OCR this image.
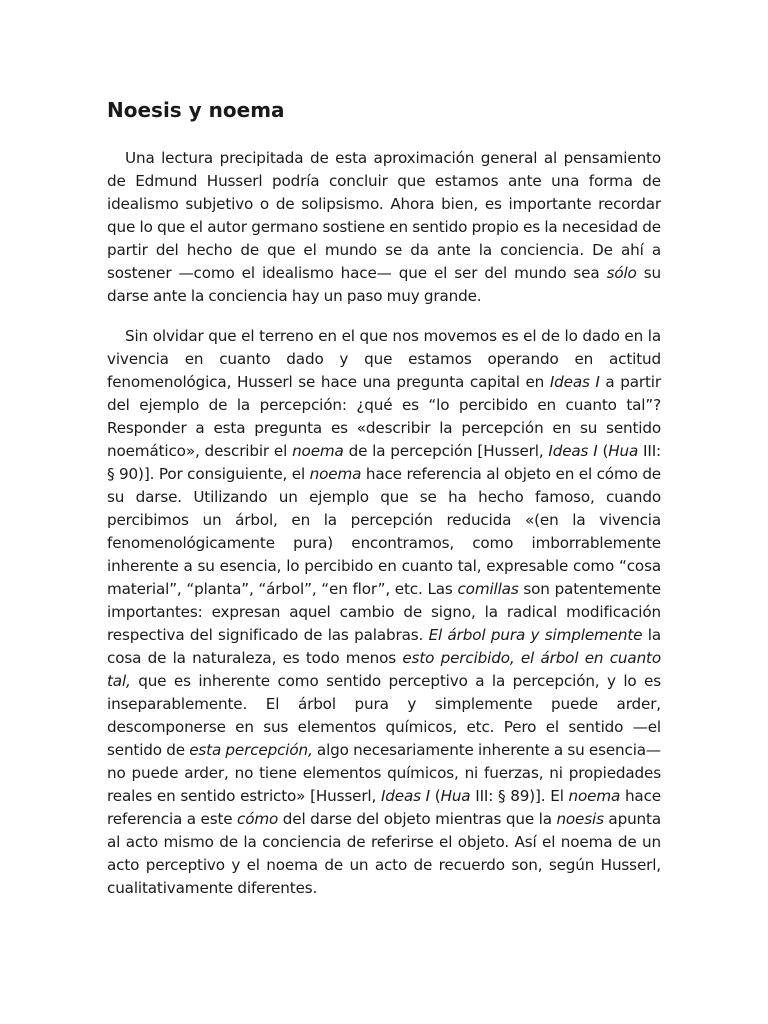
Noesis y noema

Una lectura precipitada de esta aproximación general al pensamiento de Edmund Husserl podría concluir que estamos ante una forma de idealismo subjetivo o de solipsismo. Ahora bien, es importante recordar que lo que el autor germano sostiene en sentido propio es la necesidad de partir del hecho de que el mundo se da ante la conciencia. De ahí a sostener —como el idealismo hace— que el ser del mundo sea sólo su darse ante la conciencia hay un paso muy grande.

Sin olvidar que el terreno en el que nos movemos es el de lo dado en la vivencia en cuanto dado y que estamos operando en actitud fenomenológica, Husserl se hace una pregunta capital en Ideas I a partir del ejemplo de la percepción: ¿qué es “lo percibido en cuanto tal”? Responder a esta pregunta es «describir la percepción en su sentido noemático», describir el noema de la percepción [Husserl, Ideas I (Hua III: § 90)]. Por consiguiente, el noema hace referencia al objeto en el cómo de su darse. Utilizando un ejemplo que se ha hecho famoso, cuando percibimos un árbol, en la percepción reducida «(en la vivencia fenomenológicamente pura) encontramos, como imborrablemente inherente a su esencia, lo percibido en cuanto tal, expresable como “cosa material”, “planta”, “árbol”, “en flor”, etc. Las comillas son patentemente importantes: expresan aquel cambio de signo, la radical modificación respectiva del significado de las palabras. El árbol pura y simplemente la cosa de la naturaleza, es todo menos esto percibido, el árbol en cuanto tal, que es inherente como sentido perceptivo a la percepción, y lo es inseparablemente. El árbol pura y simplemente puede arder, descomponerse en sus elementos químicos, etc. Pero el sentido —el sentido de esta percepción, algo necesariamente inherente a su esencia— no puede arder, no tiene elementos químicos, ni fuerzas, ni propiedades reales en sentido estricto» [Husserl, Ideas I (Hua III: § 89)]. El noema hace referencia a este cómo del darse del objeto mientras que la noesis apunta al acto mismo de la conciencia de referirse el objeto. Así el noema de un acto perceptivo y el noema de un acto de recuerdo son, según Husserl, cualitativamente diferentes.
